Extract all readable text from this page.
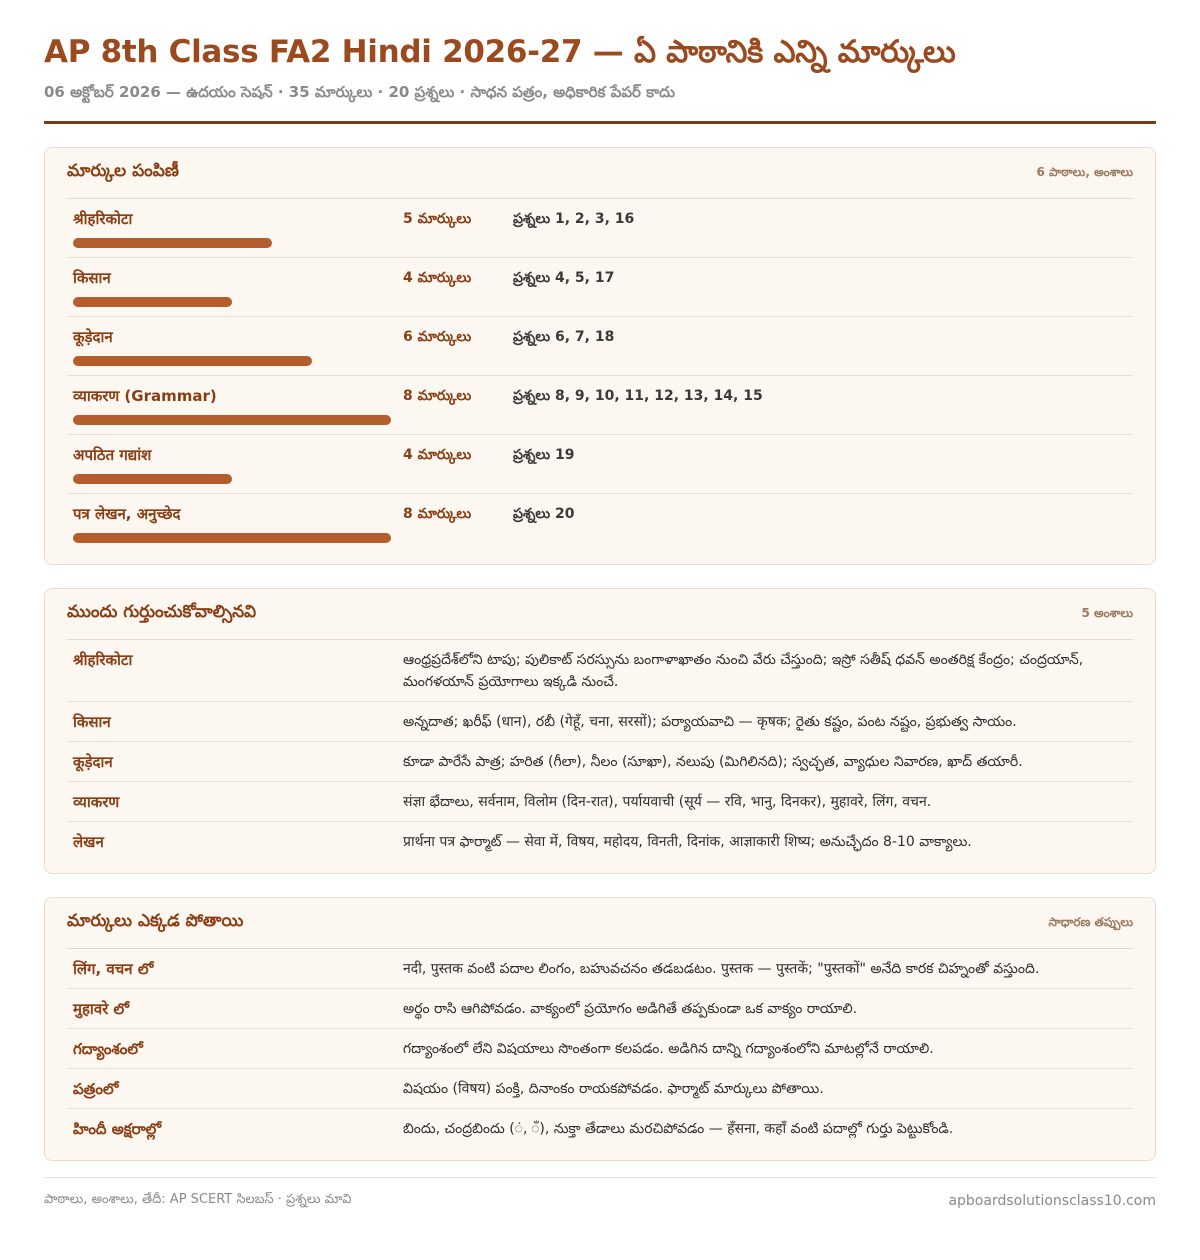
AP 8th Class FA2 Hindi 2026-27 — ఏ పాఠానికి ఎన్ని మార్కులు
06 అక్టోబర్ 2026 — ఉదయం సెషన్ · 35 మార్కులు · 20 ప్రశ్నలు · సాధన పత్రం, అధికారిక పేపర్ కాదు
మార్కుల పంపిణీ	6 పాఠాలు, అంశాలు
श्रीहरिकोटा	5 మార్కులు	ప్రశ్నలు 1, 2, 3, 16
किसान	4 మార్కులు	ప్రశ్నలు 4, 5, 17
कूड़ेदान	6 మార్కులు	ప్రశ్నలు 6, 7, 18
व्याकरण (Grammar)	8 మార్కులు	ప్రశ్నలు 8, 9, 10, 11, 12, 13, 14, 15
अपठित गद्यांश	4 మార్కులు	ప్రశ్నలు 19
पत्र लेखन, अनुच्छेद	8 మార్కులు	ప్రశ్నలు 20
ముందు గుర్తుంచుకోవాల్సినవి	5 అంశాలు
श्रीहरिकोटा	ఆంధ్రప్రదేశ్‌లోని టాపు; పులికాట్ సరస్సును బంగాళాఖాతం నుంచి వేరు చేస్తుంది; ఇస్రో సతీష్ ధవన్ అంతరిక్ష కేంద్రం; చంద్రయాన్, మంగళయాన్ ప్రయోగాలు ఇక్కడి నుంచే.
किसान	అన్నదాత; ఖరీఫ్ (धान), రబీ (गेहूँ, चना, सरसों); పర్యాయవాచి — कृषक; రైతు కష్టం, పంట నష్టం, ప్రభుత్వ సాయం.
कूड़ेदान	కూడా పారేసే పాత్ర; హరిత (గీలా), నీలం (సూఖా), నలుపు (మిగిలినది); స్వచ్ఛత, వ్యాధుల నివారణ, ఖాద్ తయారీ.
व्याकरण	संज्ञा భేదాలు, सर्वनाम, विलोम (दिन-रात), पर्यायवाची (सूर्य — रवि, भानु, दिनकर), मुहावरे, लिंग, वचन.
लेखन	प्रार्थना पत्र ఫార్మాట్ — सेवा में, विषय, महोदय, विनती, दिनांक, आज्ञाकारी शिष्य; అనుచ్ఛేదం 8-10 వాక్యాలు.
మార్కులు ఎక్కడ పోతాయి	సాధారణ తప్పులు
लिंग, वचन లో	नदी, पुस्तक వంటి పదాల లింగం, బహువచనం తడబడటం. पुस्तक — पुस्तकें; "पुस्तकों" అనేది కారక చిహ్నంతో వస్తుంది.
मुहावरे లో	అర్థం రాసి ఆగిపోవడం. వాక్యంలో ప్రయోగం అడిగితే తప్పకుండా ఒక వాక్యం రాయాలి.
గద్యాంశంలో	గద్యాంశంలో లేని విషయాలు సొంతంగా కలపడం. అడిగిన దాన్ని గద్యాంశంలోని మాటల్లోనే రాయాలి.
పత్రంలో	విషయం (विषय) పంక్తి, దినాంకం రాయకపోవడం. ఫార్మాట్ మార్కులు పోతాయి.
హిందీ అక్షరాల్లో	బిందు, చంద్రబిందు (ं, ँ), నుక్తా తేడాలు మరచిపోవడం — हँसना, कहाँ వంటి పదాల్లో గుర్తు పెట్టుకోండి.
పాఠాలు, అంశాలు, తేదీ: AP SCERT సిలబస్ · ప్రశ్నలు మావి	apboardsolutionsclass10.com
